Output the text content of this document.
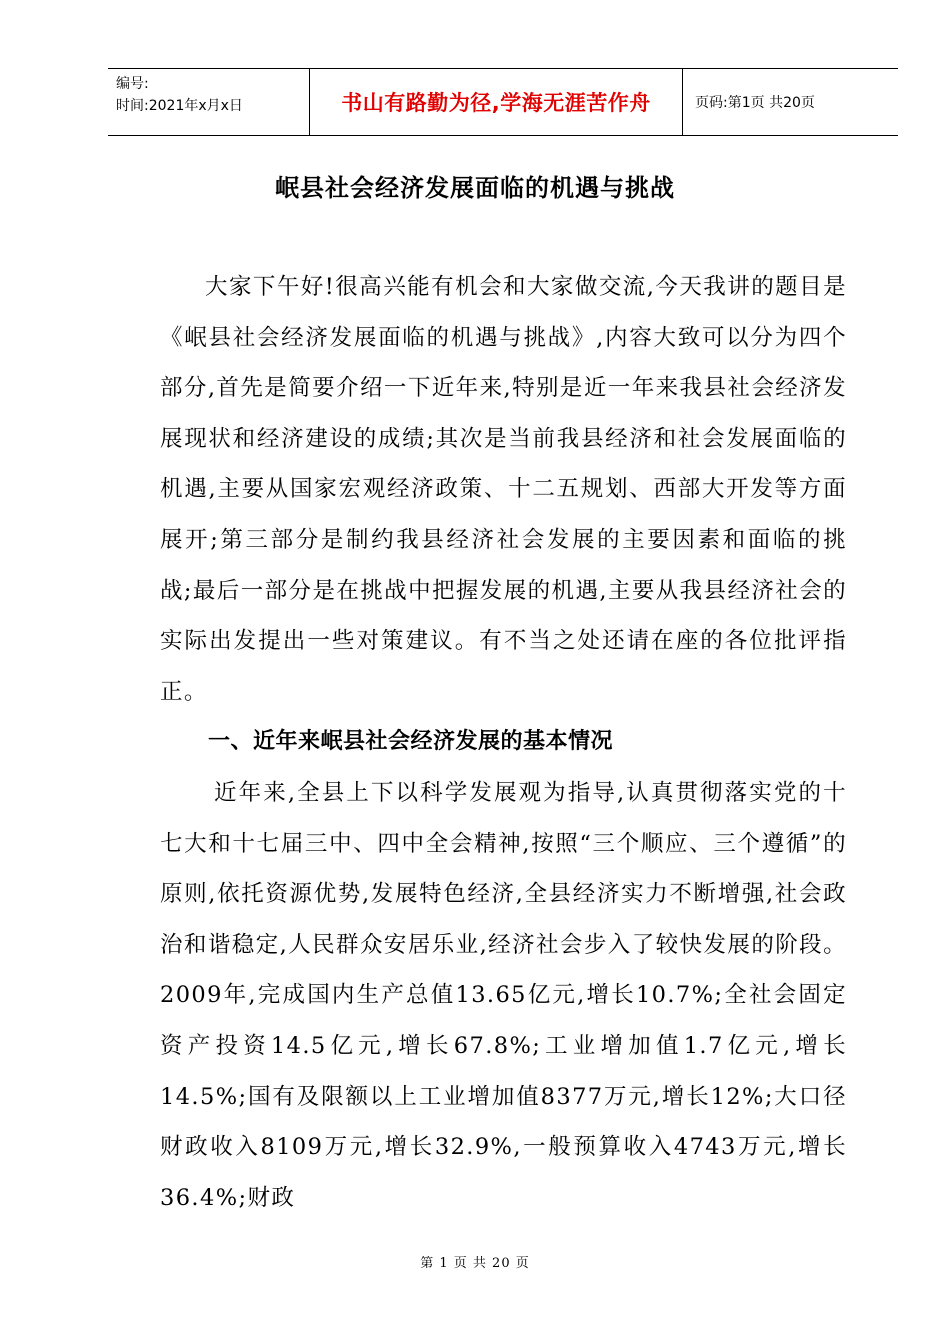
编号:
时间:2021年x月x日	书山有路勤为径,学海无涯苦作舟	页码:第1页 共20页
岷县社会经济发展面临的机遇与挑战

大家下午好!很高兴能有机会和大家做交流,今天我讲的题目是《岷县社会经济发展面临的机遇与挑战》,内容大致可以分为四个部分,首先是简要介绍一下近年来,特别是近一年来我县社会经济发展现状和经济建设的成绩;其次是当前我县经济和社会发展面临的机遇,主要从国家宏观经济政策、十二五规划、西部大开发等方面展开;第三部分是制约我县经济社会发展的主要因素和面临的挑战;最后一部分是在挑战中把握发展的机遇,主要从我县经济社会的实际出发提出一些对策建议。有不当之处还请在座的各位批评指正。

一、近年来岷县社会经济发展的基本情况

近年来,全县上下以科学发展观为指导,认真贯彻落实党的十七大和十七届三中、四中全会精神,按照“三个顺应、三个遵循”的原则,依托资源优势,发展特色经济,全县经济实力不断增强,社会政治和谐稳定,人民群众安居乐业,经济社会步入了较快发展的阶段。2009年,完成国内生产总值13.65亿元,增长10.7%;全社会固定资产投资14.5亿元,增长67.8%;工业增加值1.7亿元,增长14.5%;国有及限额以上工业增加值8377万元,增长12%;大口径财政收入8109万元,增长32.9%,一般预算收入4743万元,增长36.4%;财政

第 1 页 共 20 页
